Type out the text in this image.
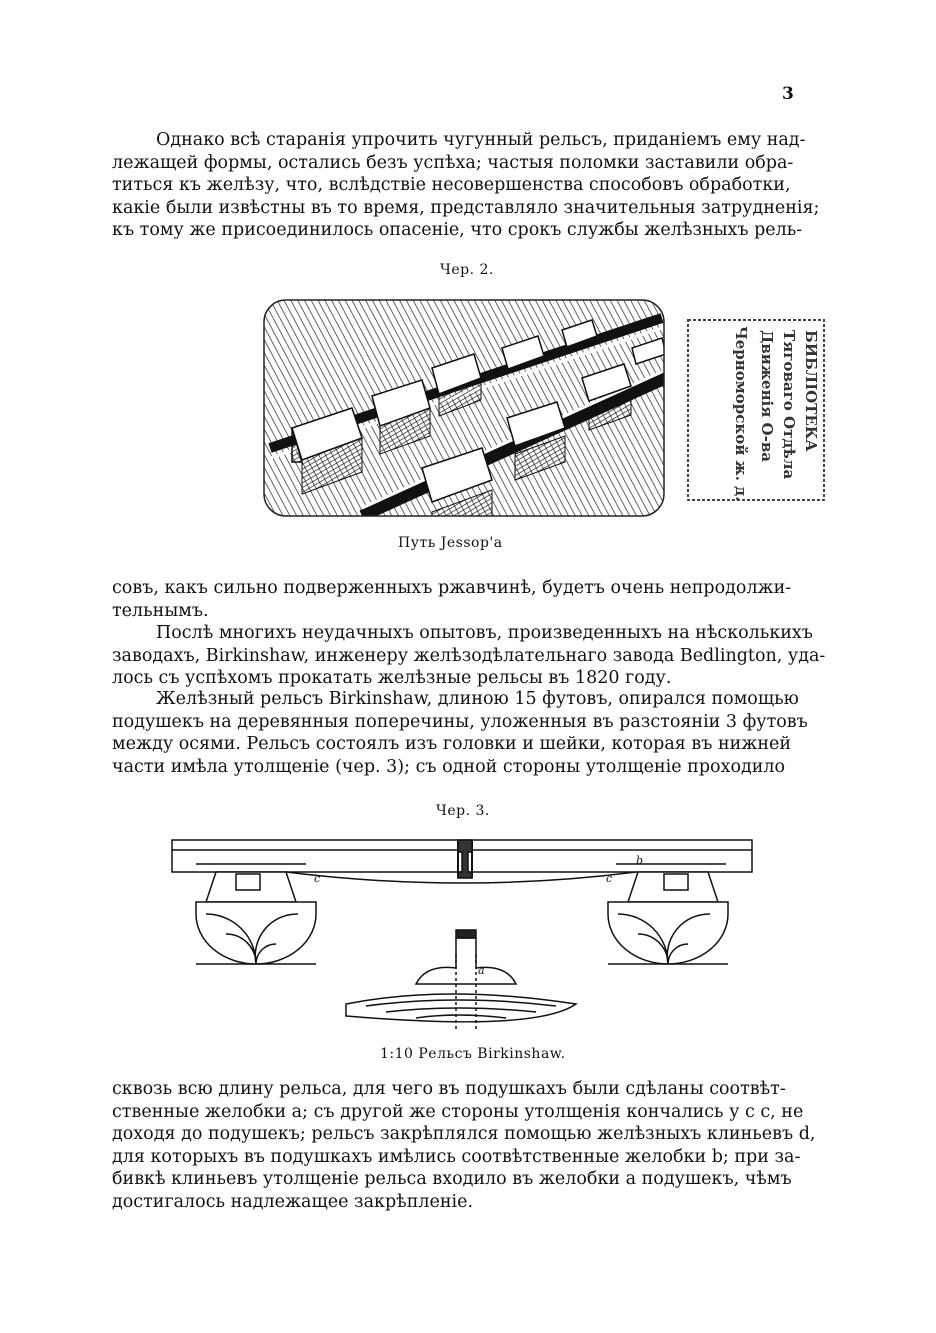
3
Однако всѣ старанія упрочить чугунный рельсъ, приданіемъ ему над-
лежащей формы, остались безъ успѣха; частыя поломки заставили обра-
титься къ желѣзу, что, вслѣдствіе несовершенства способовъ обработки,
какіе были извѣстны въ то время, представляло значительныя затрудненія;
къ тому же присоединилось опасеніе, что срокъ службы желѣзныхъ рель-
Чер. 2.
БИБЛІОТЕКА
Тяговаго Отдѣла
Движенія О-ва
Черноморской ж. д.
Путь Jessop'a
совъ, какъ сильно подверженныхъ ржавчинѣ, будетъ очень непродолжи-
тельнымъ.
Послѣ многихъ неудачныхъ опытовъ, произведенныхъ на нѣсколькихъ
заводахъ, Birkinshaw, инженеру желѣзодѣлательнаго завода Bedlington, уда-
лось съ успѣхомъ прокатать желѣзные рельсы въ 1820 году.
Желѣзный рельсъ Birkinshaw, длиною 15 футовъ, опирался помощью
подушекъ на деревянныя поперечины, уложенныя въ разстояніи 3 футовъ
между осями. Рельсъ состоялъ изъ головки и шейки, которая въ нижней
части имѣла утолщеніе (чер. 3); съ одной стороны утолщеніе проходило
Чер. 3.
c	c
b
a
1:10 Рельсъ Birkinshaw.
сквозь всю длину рельса, для чего въ подушкахъ были сдѣланы соотвѣт-
ственные желобки a; съ другой же стороны утолщенія кончались у c c, не
доходя до подушекъ; рельсъ закрѣплялся помощью желѣзныхъ клиньевъ d,
для которыхъ въ подушкахъ имѣлись соотвѣтственные желобки b; при за-
бивкѣ клиньевъ утолщеніе рельса входило въ желобки a подушекъ, чѣмъ
достигалось надлежащее закрѣпленіе.
